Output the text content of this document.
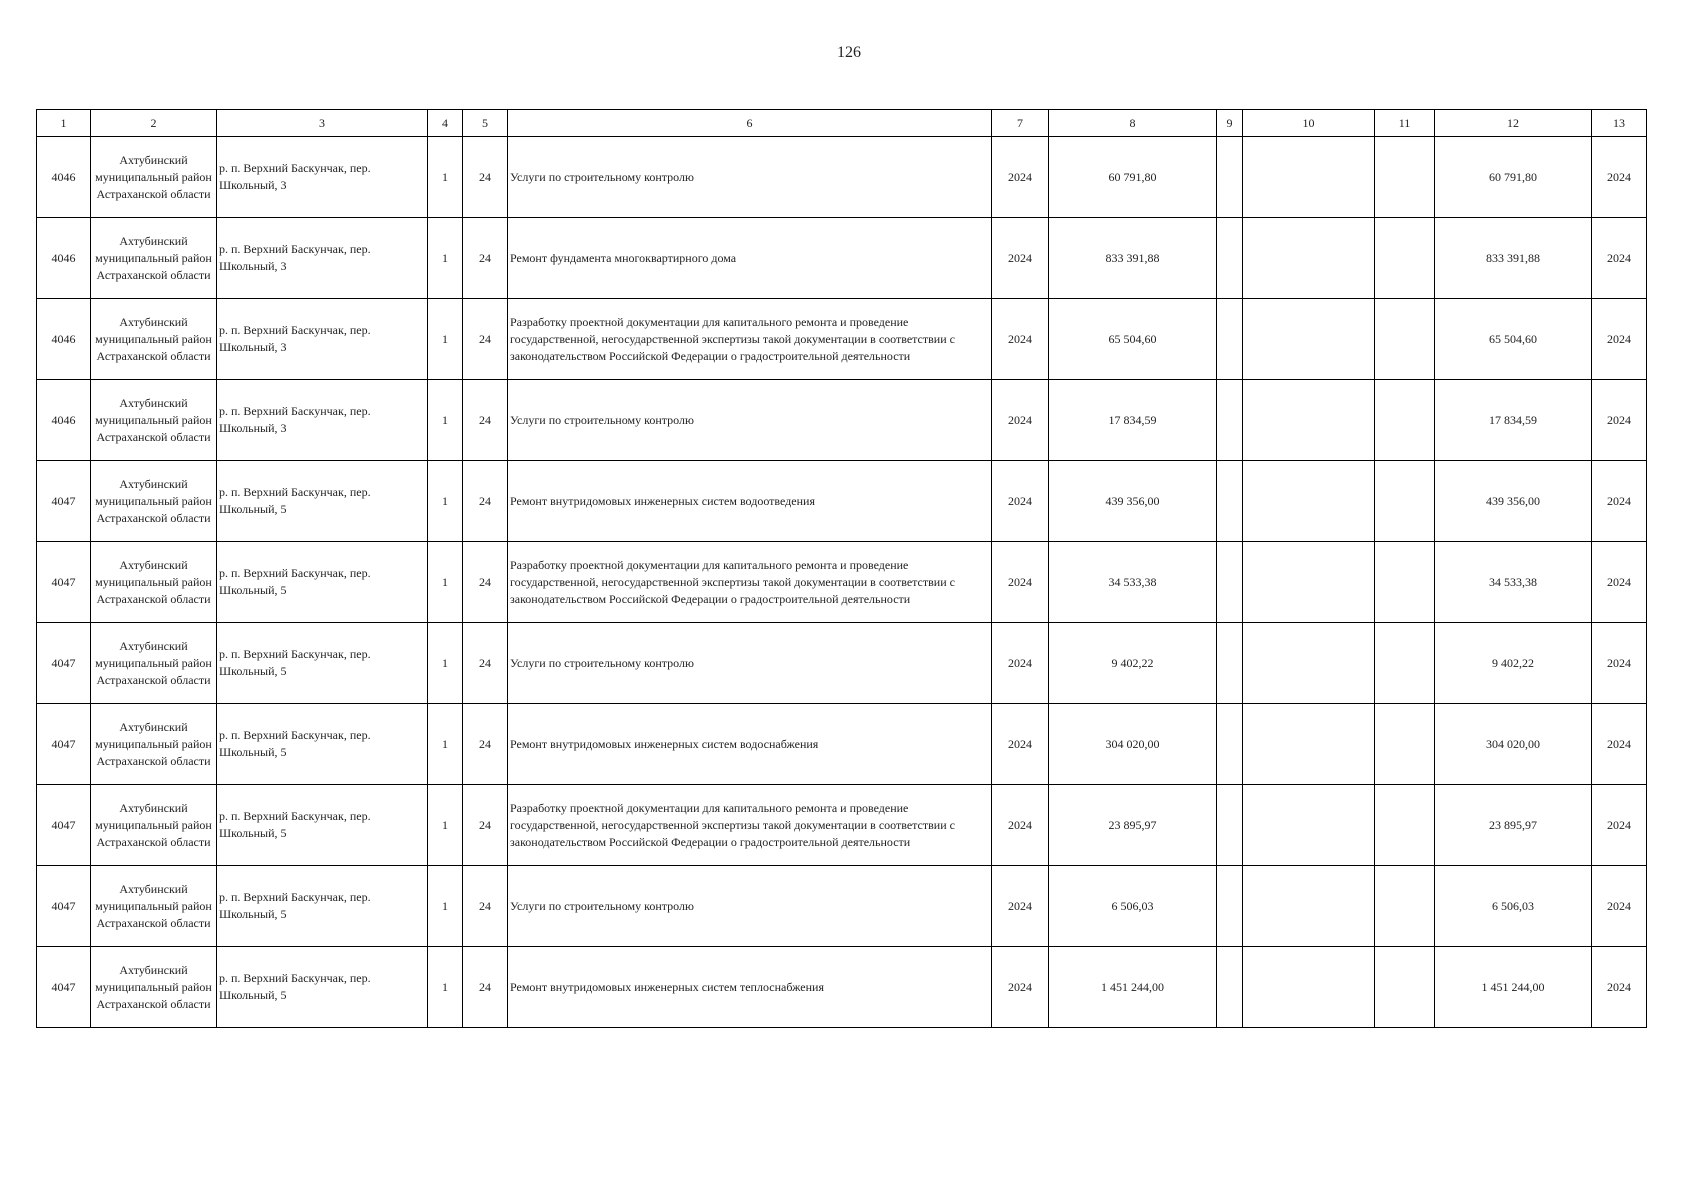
126
1	2	3	4	5	6	7	8	9	10	11	12	13
4046	Ахтубинский муниципальный район Астраханской области	р. п. Верхний Баскунчак, пер. Школьный, 3	1	24	Услуги по строительному контролю	2024	60 791,80				60 791,80	2024
4046	Ахтубинский муниципальный район Астраханской области	р. п. Верхний Баскунчак, пер. Школьный, 3	1	24	Ремонт фундамента многоквартирного дома	2024	833 391,88				833 391,88	2024
4046	Ахтубинский муниципальный район Астраханской области	р. п. Верхний Баскунчак, пер. Школьный, 3	1	24	Разработку проектной документации для капитального ремонта и проведение государственной, негосударственной экспертизы такой документации в соответствии с законодательством Российской Федерации о градостроительной деятельности	2024	65 504,60				65 504,60	2024
4046	Ахтубинский муниципальный район Астраханской области	р. п. Верхний Баскунчак, пер. Школьный, 3	1	24	Услуги по строительному контролю	2024	17 834,59				17 834,59	2024
4047	Ахтубинский муниципальный район Астраханской области	р. п. Верхний Баскунчак, пер. Школьный, 5	1	24	Ремонт внутридомовых инженерных систем водоотведения	2024	439 356,00				439 356,00	2024
4047	Ахтубинский муниципальный район Астраханской области	р. п. Верхний Баскунчак, пер. Школьный, 5	1	24	Разработку проектной документации для капитального ремонта и проведение государственной, негосударственной экспертизы такой документации в соответствии с законодательством Российской Федерации о градостроительной деятельности	2024	34 533,38				34 533,38	2024
4047	Ахтубинский муниципальный район Астраханской области	р. п. Верхний Баскунчак, пер. Школьный, 5	1	24	Услуги по строительному контролю	2024	9 402,22				9 402,22	2024
4047	Ахтубинский муниципальный район Астраханской области	р. п. Верхний Баскунчак, пер. Школьный, 5	1	24	Ремонт внутридомовых инженерных систем водоснабжения	2024	304 020,00				304 020,00	2024
4047	Ахтубинский муниципальный район Астраханской области	р. п. Верхний Баскунчак, пер. Школьный, 5	1	24	Разработку проектной документации для капитального ремонта и проведение государственной, негосударственной экспертизы такой документации в соответствии с законодательством Российской Федерации о градостроительной деятельности	2024	23 895,97				23 895,97	2024
4047	Ахтубинский муниципальный район Астраханской области	р. п. Верхний Баскунчак, пер. Школьный, 5	1	24	Услуги по строительному контролю	2024	6 506,03				6 506,03	2024
4047	Ахтубинский муниципальный район Астраханской области	р. п. Верхний Баскунчак, пер. Школьный, 5	1	24	Ремонт внутридомовых инженерных систем теплоснабжения	2024	1 451 244,00				1 451 244,00	2024
